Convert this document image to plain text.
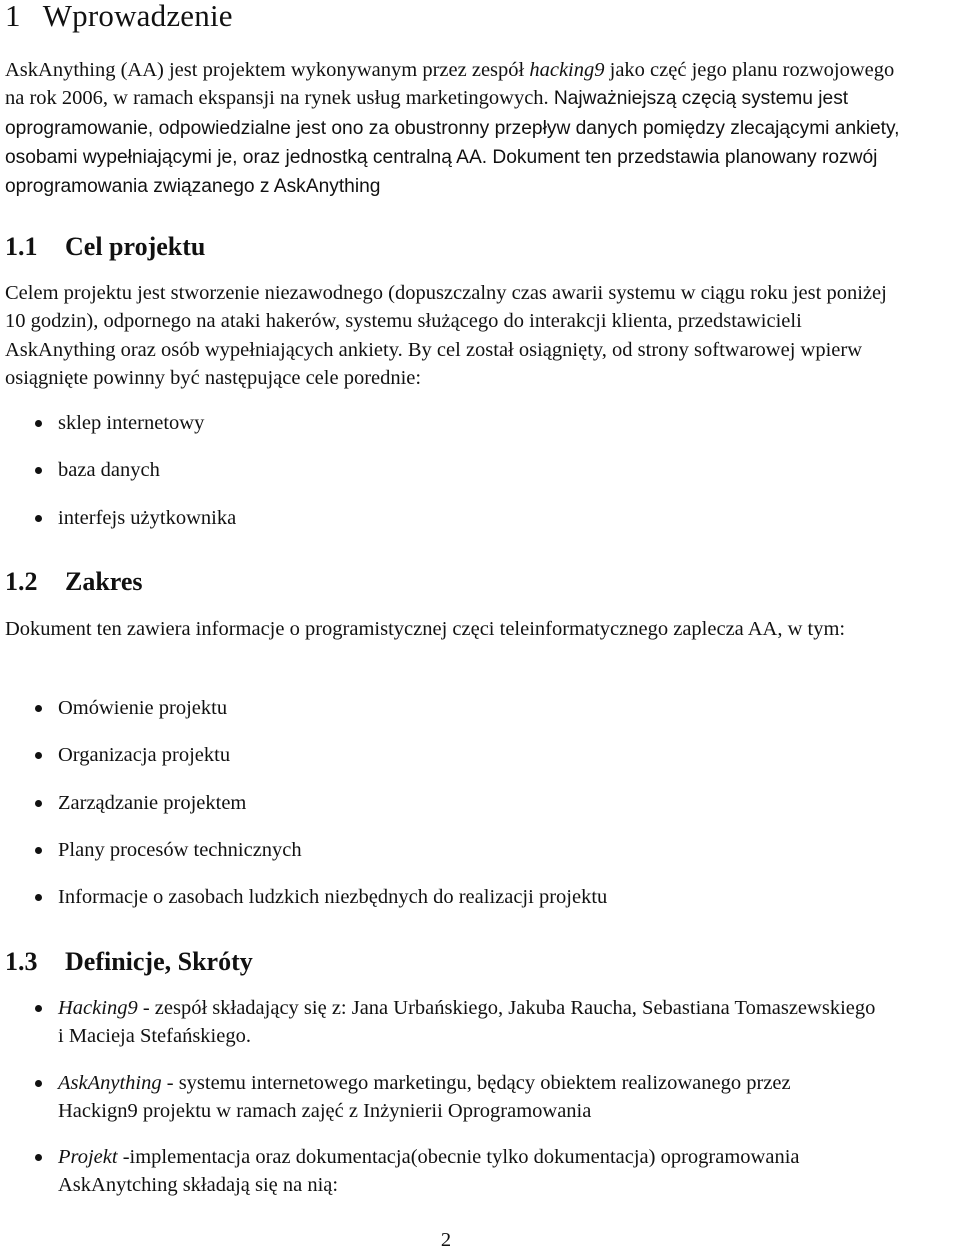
1 Wprowadzenie

AskAnything (AA) jest projektem wykonywanym przez zespół hacking9 jako częć jego planu rozwojowego na rok 2006, w ramach ekspansji na rynek usług marketingowych. Najważniejszą częcią systemu jest oprogramowanie, odpowiedzialne jest ono za obustronny przepływ danych pomiędzy zlecającymi ankiety, osobami wypełniającymi je, oraz jednostką centralną AA. Dokument ten przedstawia planowany rozwój oprogramowania związanego z AskAnything

1.1 Cel projektu

Celem projektu jest stworzenie niezawodnego (dopuszczalny czas awarii systemu w ciągu roku jest poniżej 10 godzin), odpornego na ataki hakerów, systemu służącego do interakcji klienta, przedstawicieli AskAnything oraz osób wypełniających ankiety. By cel został osiągnięty, od strony softwarowej wpierw osiągnięte powinny być następujące cele porednie:

sklep internetowy
baza danych
interfejs użytkownika
1.2 Zakres

Dokument ten zawiera informacje o programistycznej częci teleinformatycznego zaplecza AA, w tym:

Omówienie projektu
Organizacja projektu
Zarządzanie projektem
Plany procesów technicznych
Informacje o zasobach ludzkich niezbędnych do realizacji projektu
1.3 Definicje, Skróty
Hacking9 - zespół składający się z: Jana Urbańskiego, Jakuba Raucha, Sebastiana Tomaszewskiego
i Macieja Stefańskiego.
AskAnything - systemu internetowego marketingu, będący obiektem realizowanego przez
Hackign9 projektu w ramach zajęć z Inżynierii Oprogramowania
Projekt -implementacja oraz dokumentacja(obecnie tylko dokumentacja) oprogramowania
AskAnytching składają się na nią:
2
